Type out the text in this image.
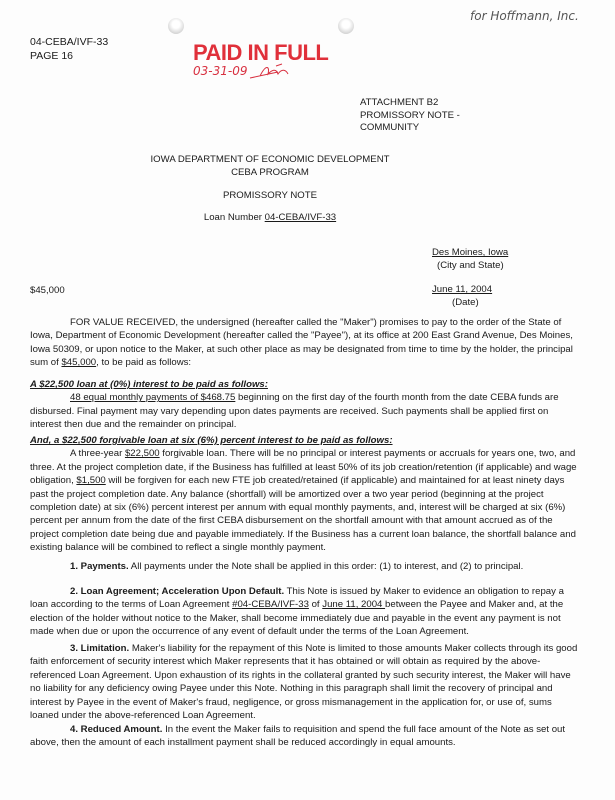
for Hoffmann, Inc.
04-CEBA/IVF-33
PAGE 16	PAID IN FULL
03-31-09
ATTACHMENT B2
PROMISSORY NOTE -
COMMUNITY
IOWA DEPARTMENT OF ECONOMIC DEVELOPMENT
CEBA PROGRAM
PROMISSORY NOTE
Loan Number 04-CEBA/IVF-33
Des Moines, Iowa
(City and State)
$45,000	June 11, 2004
(Date)
FOR VALUE RECEIVED, the undersigned (hereafter called the "Maker") promises to pay to the order of the State of Iowa, Department of Economic Development (hereafter called the "Payee"), at its office at 200 East Grand Avenue, Des Moines, Iowa 50309, or upon notice to the Maker, at such other place as may be designated from time to time by the holder, the principal sum of $45,000, to be paid as follows:
A $22,500 loan at (0%) interest to be paid as follows:
48 equal monthly payments of $468.75 beginning on the first day of the fourth month from the date CEBA funds are disbursed. Final payment may vary depending upon dates payments are received. Such payments shall be applied first on interest then due and the remainder on principal.
And, a $22,500 forgivable loan at six (6%) percent interest to be paid as follows:
A three-year $22,500 forgivable loan. There will be no principal or interest payments or accruals for years one, two, and three. At the project completion date, if the Business has fulfilled at least 50% of its job creation/retention (if applicable) and wage obligation, $1,500 will be forgiven for each new FTE job created/retained (if applicable) and maintained for at least ninety days past the project completion date. Any balance (shortfall) will be amortized over a two year period (beginning at the project completion date) at six (6%) percent interest per annum with equal monthly payments, and, interest will be charged at six (6%) percent per annum from the date of the first CEBA disbursement on the shortfall amount with that amount accrued as of the project completion date being due and payable immediately. If the Business has a current loan balance, the shortfall balance and existing balance will be combined to reflect a single monthly payment.
1. Payments. All payments under the Note shall be applied in this order: (1) to interest, and (2) to principal.
2. Loan Agreement; Acceleration Upon Default. This Note is issued by Maker to evidence an obligation to repay a loan according to the terms of Loan Agreement #04-CEBA/IVF-33 of June 11, 2004 between the Payee and Maker and, at the election of the holder without notice to the Maker, shall become immediately due and payable in the event any payment is not made when due or upon the occurrence of any event of default under the terms of the Loan Agreement.
3. Limitation. Maker's liability for the repayment of this Note is limited to those amounts Maker collects through its good faith enforcement of security interest which Maker represents that it has obtained or will obtain as required by the above-referenced Loan Agreement. Upon exhaustion of its rights in the collateral granted by such security interest, the Maker will have no liability for any deficiency owing Payee under this Note. Nothing in this paragraph shall limit the recovery of principal and interest by Payee in the event of Maker's fraud, negligence, or gross mismanagement in the application for, or use of, sums loaned under the above-referenced Loan Agreement.
4. Reduced Amount. In the event the Maker fails to requisition and spend the full face amount of the Note as set out above, then the amount of each installment payment shall be reduced accordingly in equal amounts.
